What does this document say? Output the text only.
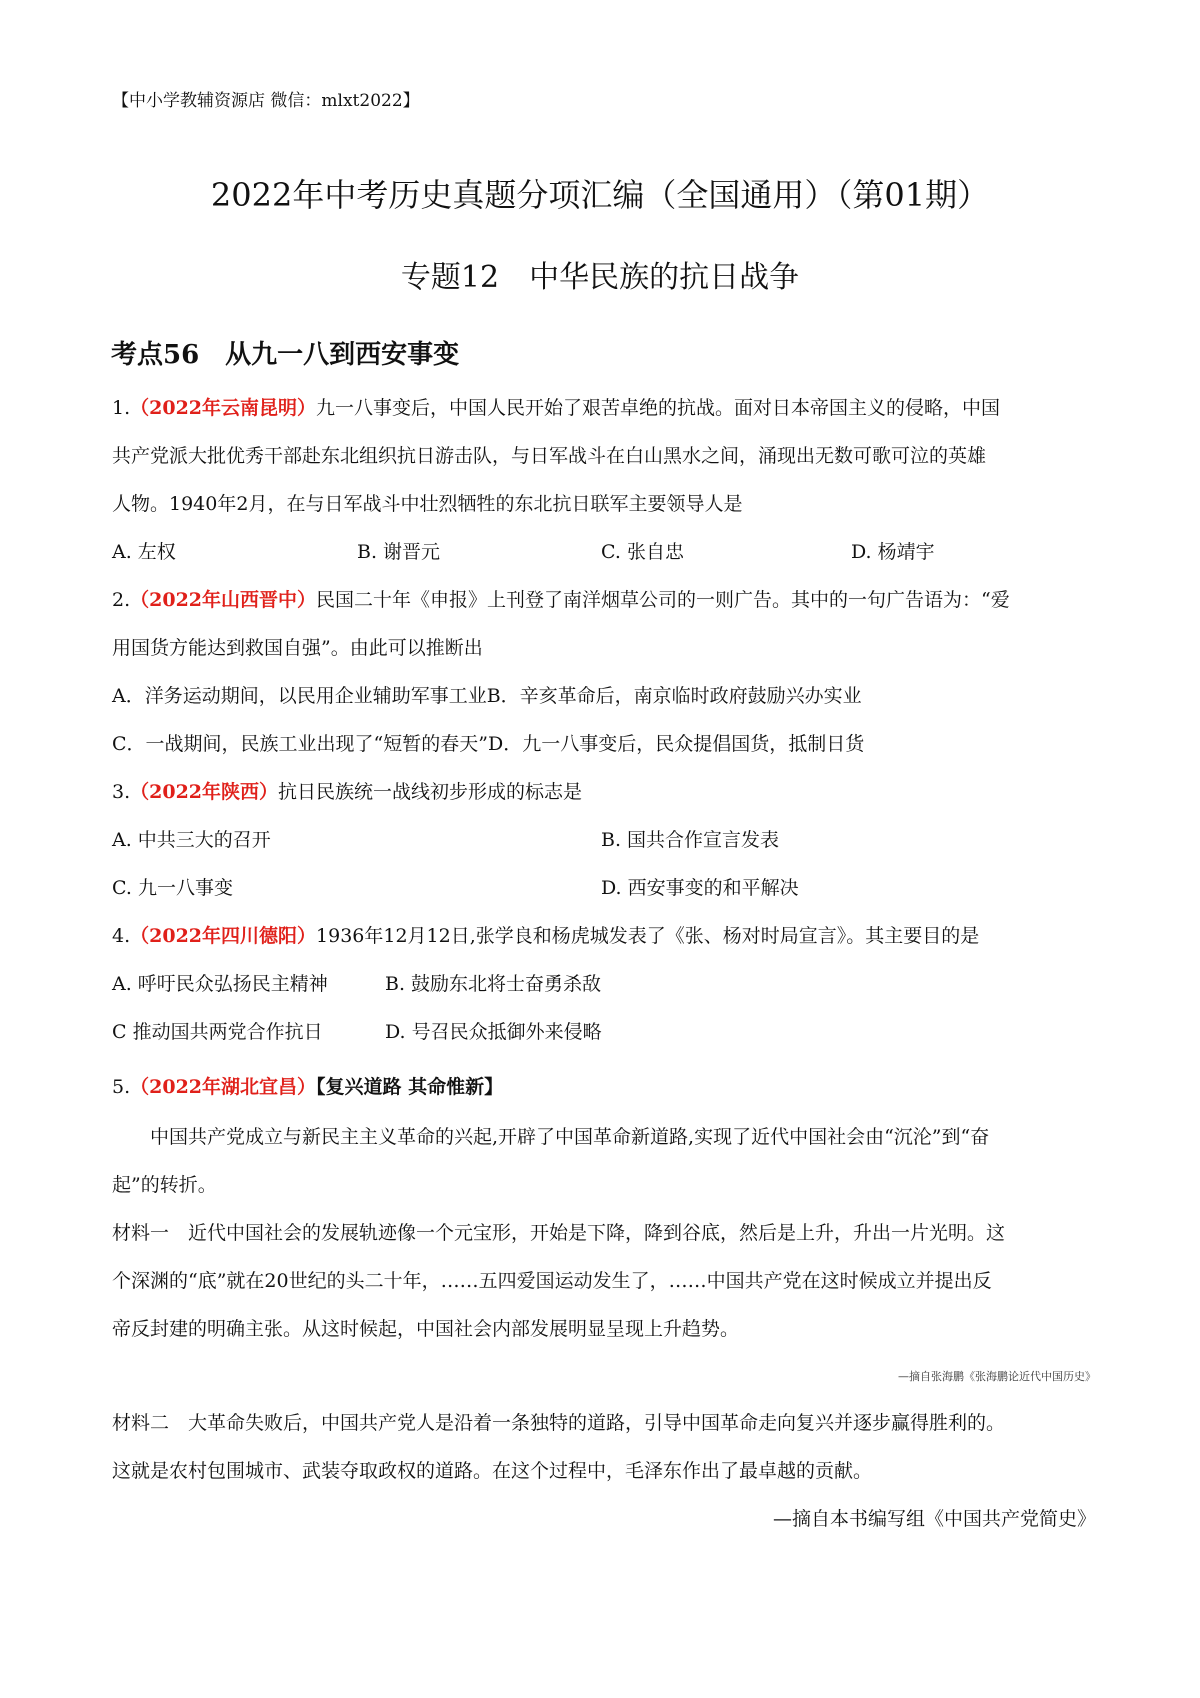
【中小学教辅资源店 微信：mlxt2022】
2022年中考历史真题分项汇编（全国通用）（第01期）
专题12　中华民族的抗日战争
考点56　从九一八到西安事变
1.（2022年云南昆明）九一八事变后，中国人民开始了艰苦卓绝的抗战。面对日本帝国主义的侵略，中国
共产党派大批优秀干部赴东北组织抗日游击队，与日军战斗在白山黑水之间，涌现出无数可歌可泣的英雄
人物。1940年2月，在与日军战斗中壮烈牺牲的东北抗日联军主要领导人是
A. 左权	B. 谢晋元	C. 张自忠	D. 杨靖宇
2.（2022年山西晋中）民国二十年《申报》上刊登了南洋烟草公司的一则广告。其中的一句广告语为：“爱
用国货方能达到救国自强”。由此可以推断出
A．洋务运动期间，以民用企业辅助军事工业B．辛亥革命后，南京临时政府鼓励兴办实业
C．一战期间，民族工业出现了“短暂的春天”D．九一八事变后，民众提倡国货，抵制日货
3.（2022年陕西）抗日民族统一战线初步形成的标志是
A. 中共三大的召开	B. 国共合作宣言发表
C. 九一八事变	D. 西安事变的和平解决
4.（2022年四川德阳）1936年12月12日,张学良和杨虎城发表了《张、杨对时局宣言》。其主要目的是
A. 呼吁民众弘扬民主精神	B. 鼓励东北将士奋勇杀敌
C 推动国共两党合作抗日	D. 号召民众抵御外来侵略
5.（2022年湖北宜昌）【复兴道路 其命惟新】
中国共产党成立与新民主主义革命的兴起,开辟了中国革命新道路,实现了近代中国社会由“沉沦”到“奋
起”的转折。
材料一　近代中国社会的发展轨迹像一个元宝形，开始是下降，降到谷底，然后是上升，升出一片光明。这
个深渊的“底”就在20世纪的头二十年，……五四爱国运动发生了，……中国共产党在这时候成立并提出反
帝反封建的明确主张。从这时候起，中国社会内部发展明显呈现上升趋势。
—摘自张海鹏《张海鹏论近代中国历史》
材料二　大革命失败后，中国共产党人是沿着一条独特的道路，引导中国革命走向复兴并逐步赢得胜利的。
这就是农村包围城市、武装夺取政权的道路。在这个过程中，毛泽东作出了最卓越的贡献。
—摘自本书编写组《中国共产党简史》
